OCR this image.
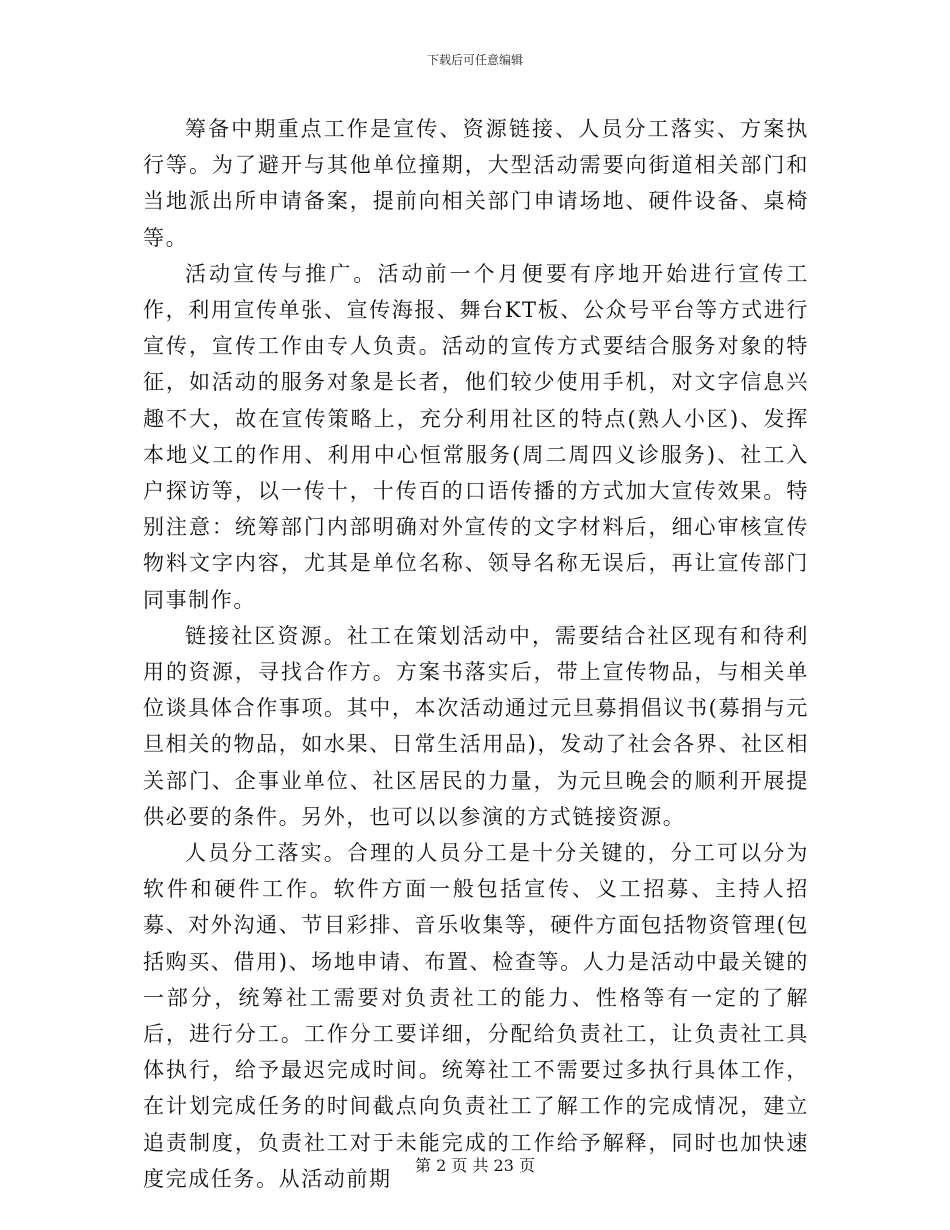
下载后可任意编辑

筹备中期重点工作是宣传、资源链接、人员分工落实、方案执行等。为了避开与其他单位撞期，大型活动需要向街道相关部门和当地派出所申请备案，提前向相关部门申请场地、硬件设备、桌椅等。

活动宣传与推广。活动前一个月便要有序地开始进行宣传工作，利用宣传单张、宣传海报、舞台KT板、公众号平台等方式进行宣传，宣传工作由专人负责。活动的宣传方式要结合服务对象的特征，如活动的服务对象是长者，他们较少使用手机，对文字信息兴趣不大，故在宣传策略上，充分利用社区的特点(熟人小区)、发挥本地义工的作用、利用中心恒常服务(周二周四义诊服务)、社工入户探访等，以一传十，十传百的口语传播的方式加大宣传效果。特别注意：统筹部门内部明确对外宣传的文字材料后，细心审核宣传物料文字内容，尤其是单位名称、领导名称无误后，再让宣传部门同事制作。

链接社区资源。社工在策划活动中，需要结合社区现有和待利用的资源，寻找合作方。方案书落实后，带上宣传物品，与相关单位谈具体合作事项。其中，本次活动通过元旦募捐倡议书(募捐与元旦相关的物品，如水果、日常生活用品)，发动了社会各界、社区相关部门、企事业单位、社区居民的力量，为元旦晚会的顺利开展提供必要的条件。另外，也可以以参演的方式链接资源。

人员分工落实。合理的人员分工是十分关键的，分工可以分为软件和硬件工作。软件方面一般包括宣传、义工招募、主持人招募、对外沟通、节目彩排、音乐收集等，硬件方面包括物资管理(包括购买、借用)、场地申请、布置、检查等。人力是活动中最关键的一部分，统筹社工需要对负责社工的能力、性格等有一定的了解后，进行分工。工作分工要详细，分配给负责社工，让负责社工具体执行，给予最迟完成时间。统筹社工不需要过多执行具体工作，在计划完成任务的时间截点向负责社工了解工作的完成情况，建立追责制度，负责社工对于未能完成的工作给予解释，同时也加快速度完成任务。从活动前期

第 2 页 共 23 页
